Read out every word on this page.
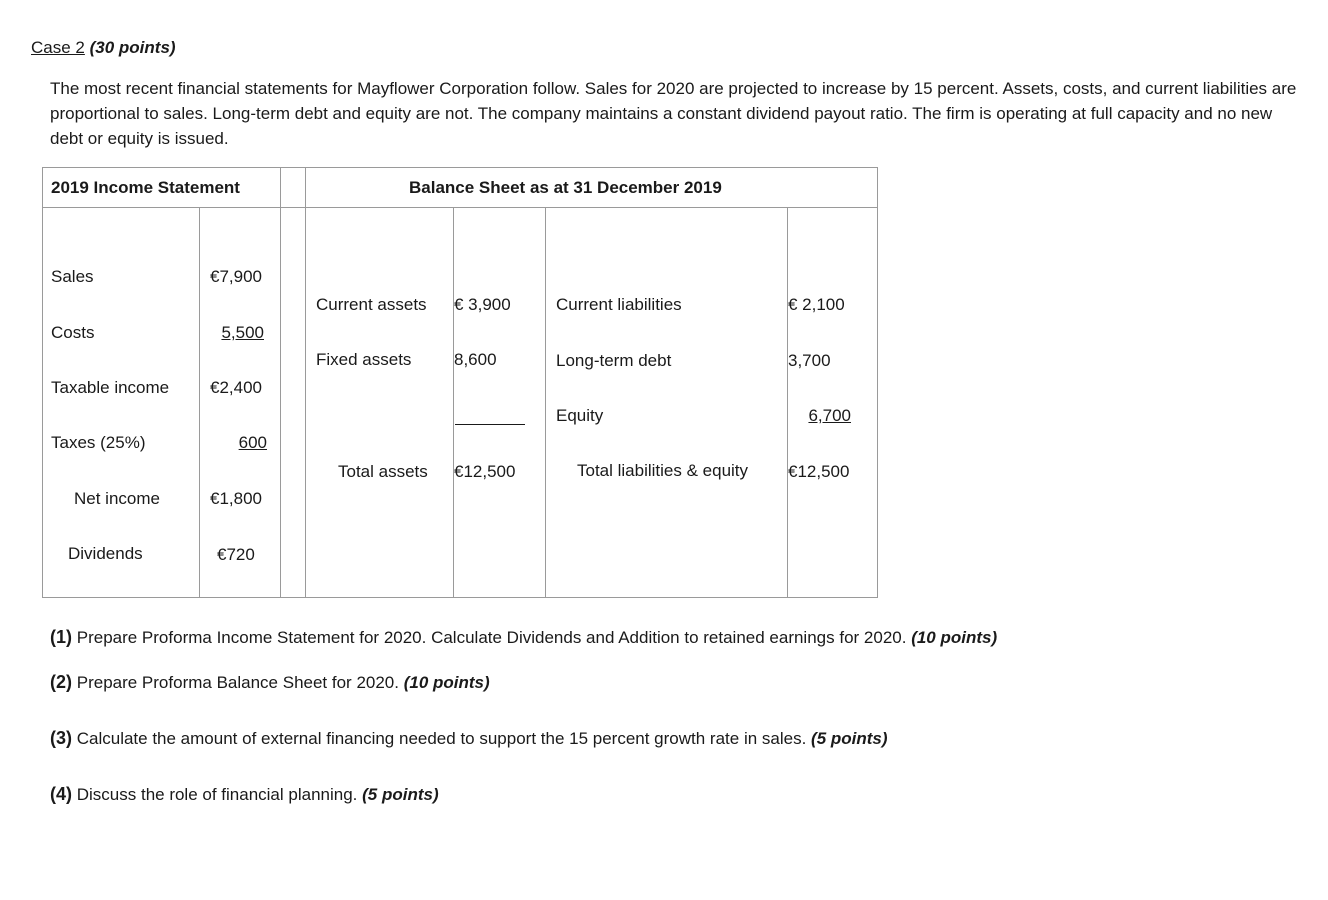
Case 2 (30 points)
The most recent financial statements for Mayflower Corporation follow. Sales for 2020 are projected to increase by 15 percent. Assets, costs, and current liabilities are proportional to sales. Long-term debt and equity are not. The company maintains a constant dividend payout ratio. The firm is operating at full capacity and no new debt or equity is issued.
2019 Income Statement	Balance Sheet as at 31 December 2019
Sales	€7,900
Costs	5,500
Taxable income €2,400
Taxes (25%)	600
Net income	€1,800
Dividends	€720
Current assets € 3,900
Fixed assets	8,600
Total assets €12,500
Current liabilities	€ 2,100
Long-term debt	3,700
Equity	6,700
Total liabilities & equity €12,500
(1) Prepare Proforma Income Statement for 2020. Calculate Dividends and Addition to retained earnings for 2020. (10 points)
(2) Prepare Proforma Balance Sheet for 2020. (10 points)
(3) Calculate the amount of external financing needed to support the 15 percent growth rate in sales. (5 points)
(4) Discuss the role of financial planning. (5 points)
